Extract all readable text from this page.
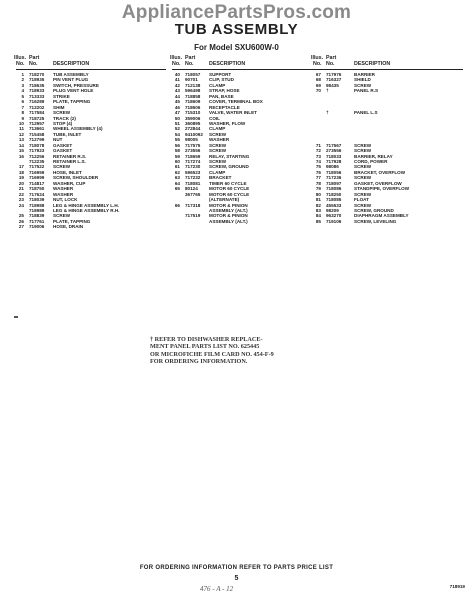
AppliancePartsPros.com
TUB ASSEMBLY
For Model SXU600W-0
Illus. Part
No. No.	DESCRIPTION
1 718270 TUB ASSEMBLY
2 718935 PIN VENT PLUG
3 718635 SWITCH, PRESSURE
4 718933 PLUG VENT HOLE
5 713333 STRIKE
6 716289 PLATE, TAPPING
7 712202 SHIM
8 717584 SCREW
9 718725 TRACK (2)
10 712957 STOP (4)
11 713661 WHEEL ASSEMBLY (4)
12 715458 TUBE, INLET
13 712799 NUT
14 718078 GASKET
15 717923 GASKET
16 712256 RETAINER R.S.
712235 RETAINER L.S.
17 717522 SCREW
18 716959 HOSE, INLET
19 716999 SCREW, SHOULDER
20 714817 WASHER, CUP
21 718750 WASHER
22 717624 WASHER
23 718039 NUT, LOCK
24 718988 LEG & HINGE ASSEMBLY L.H.
718989 LEG & HINGE ASSEMBLY R.H.
25 718839 SCREW
26 717761 PLATE, TAPPING
27 719006 HOSE, DRAIN
Illus. Part
No. No.	DESCRIPTION
40 718057 SUPPORT
41 90701 CLIP, STUD
42 712138 CLAMP
43 596498 STRAP, HOSE
44 718858 PAN, BASE
45 718609 COVER, TERMINAL BOX
46 718606 RECEPTACLE
47 715310 VALVE, WATER INLET
50 359006 COIL
51 360895 WASHER, FLOW
52 272844 CLAMP
54 9410092 SCREW
55 98005 WASHER
56 717575 SCREW
58 273556 SCREW
59 718659 RELAY, STARTING
60 717274 SCREW
61 717230 SCREW, GROUND
62 596523 CLAMP
63 717232 BRACKET
64 718081 TIMER 60 CYCLE
65 80124 MOTOR 60 CYCLE
367765 MOTOR 60 CYCLE
(ALTERNATE)
66 717318 MOTOR & PINION
ASSEMBLY (ALT.)
717519 MOTOR & PINION
ASSEMBLY (ALT.)
Illus. Part
No. No.	DESCRIPTION
67 717976	BARRIER
68 716327	SHIELD
69 98435	SCREW
70 †	PANEL R.S
†	PANEL L.S
71 717567	SCREW
72 273556	SCREW
73 718033	BARRIER, RELAY
74 717928	CORD, POWER
75 98086	SCREW
76 718056	BRACKET, OVERFLOW
77 717236	SCREW
78 718097	GASKET, OVERFLOW
79 718086	STANDPIPE, OVERFLOW
80 718250	SCREW
81 718085	FLOAT
82 455533	SCREW
83 98209	SCREW, GROUND
84 963270	DIAPHRAGM ASSEMBLY
85 719106	SCREW, LEVELING
† REFER TO DISHWASHER REPLACE-
MENT PANEL PARTS LIST NO. 625445
OR MICROFICHE FILM CARD NO. 454-F-9
FOR ORDERING INFORMATION.
FOR ORDERING INFORMATION REFER TO PARTS PRICE LIST
5
476 - A - 12	718919
